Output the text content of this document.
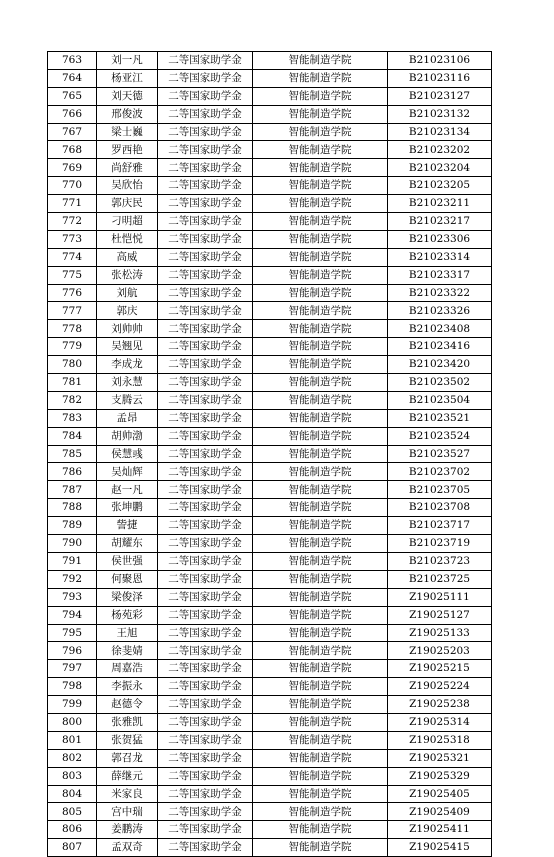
763	刘一凡	二等国家助学金	智能制造学院	B21023106
764	杨亚江	二等国家助学金	智能制造学院	B21023116
765	刘天德	二等国家助学金	智能制造学院	B21023127
766	邢俊波	二等国家助学金	智能制造学院	B21023132
767	梁士巍	二等国家助学金	智能制造学院	B21023134
768	罗西艳	二等国家助学金	智能制造学院	B21023202
769	尚舒雅	二等国家助学金	智能制造学院	B21023204
770	吴欣怡	二等国家助学金	智能制造学院	B21023205
771	郭庆民	二等国家助学金	智能制造学院	B21023211
772	刁明超	二等国家助学金	智能制造学院	B21023217
773	杜恺悦	二等国家助学金	智能制造学院	B21023306
774	高威	二等国家助学金	智能制造学院	B21023314
775	张松涛	二等国家助学金	智能制造学院	B21023317
776	刘航	二等国家助学金	智能制造学院	B21023322
777	郭庆	二等国家助学金	智能制造学院	B21023326
778	刘帅帅	二等国家助学金	智能制造学院	B21023408
779	吴翘见	二等国家助学金	智能制造学院	B21023416
780	李成龙	二等国家助学金	智能制造学院	B21023420
781	刘永慧	二等国家助学金	智能制造学院	B21023502
782	支腾云	二等国家助学金	智能制造学院	B21023504
783	孟昂	二等国家助学金	智能制造学院	B21023521
784	胡帅渤	二等国家助学金	智能制造学院	B21023524
785	侯慧彧	二等国家助学金	智能制造学院	B21023527
786	吴灿辉	二等国家助学金	智能制造学院	B21023702
787	赵一凡	二等国家助学金	智能制造学院	B21023705
788	张坤鹏	二等国家助学金	智能制造学院	B21023708
789	訾捷	二等国家助学金	智能制造学院	B21023717
790	胡耀东	二等国家助学金	智能制造学院	B21023719
791	侯世强	二等国家助学金	智能制造学院	B21023723
792	何聚恩	二等国家助学金	智能制造学院	B21023725
793	梁俊泽	二等国家助学金	智能制造学院	Z19025111
794	杨苑彩	二等国家助学金	智能制造学院	Z19025127
795	王旭	二等国家助学金	智能制造学院	Z19025133
796	徐斐婧	二等国家助学金	智能制造学院	Z19025203
797	周嘉浩	二等国家助学金	智能制造学院	Z19025215
798	李振永	二等国家助学金	智能制造学院	Z19025224
799	赵德令	二等国家助学金	智能制造学院	Z19025238
800	张雅凯	二等国家助学金	智能制造学院	Z19025314
801	张贺猛	二等国家助学金	智能制造学院	Z19025318
802	郭召龙	二等国家助学金	智能制造学院	Z19025321
803	薛继元	二等国家助学金	智能制造学院	Z19025329
804	米家良	二等国家助学金	智能制造学院	Z19025405
805	宫中瑞	二等国家助学金	智能制造学院	Z19025409
806	姜鹏涛	二等国家助学金	智能制造学院	Z19025411
807	孟双奇	二等国家助学金	智能制造学院	Z19025415
